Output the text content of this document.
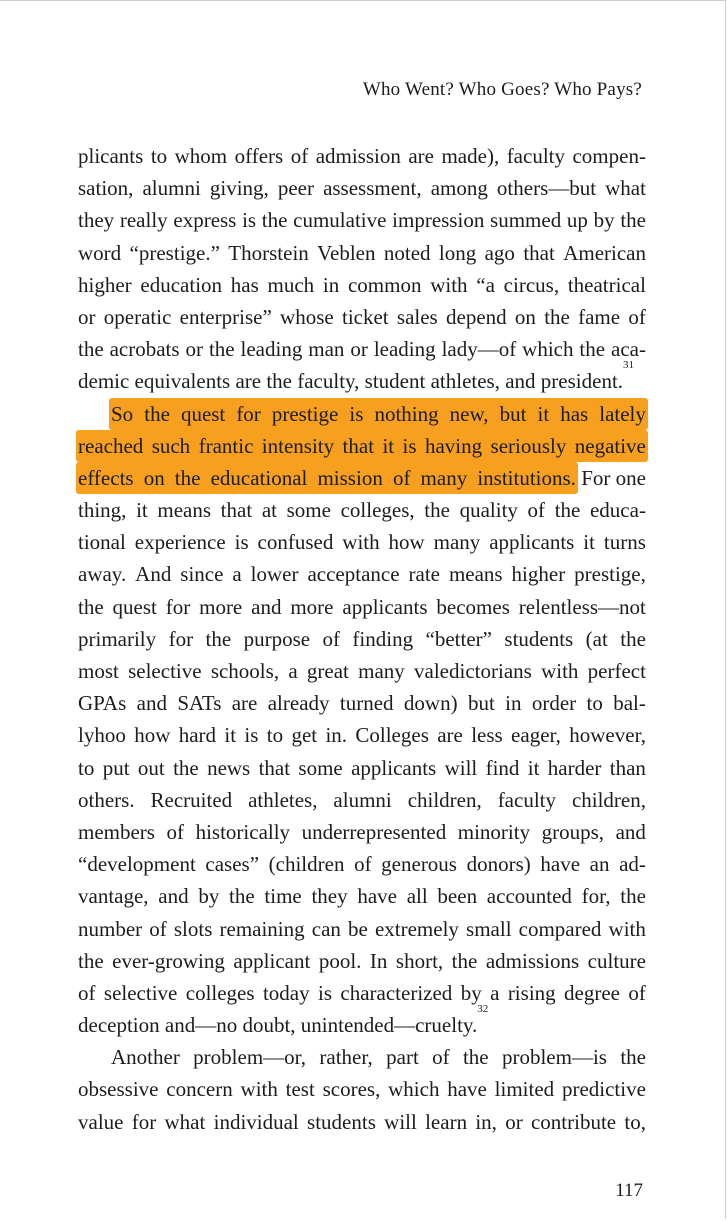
Who Went? Who Goes? Who Pays?
plicants to whom offers of admission are made), faculty compen-
sation, alumni giving, peer assessment, among others—but what
they really express is the cumulative impression summed up by the
word “prestige.” Thorstein Veblen noted long ago that American
higher education has much in common with “a circus, theatrical
or operatic enterprise” whose ticket sales depend on the fame of
the acrobats or the leading man or leading lady—of which the aca-
demic equivalents are the faculty, student athletes, and president.
31
So the quest for prestige is nothing new, but it has lately
reached such frantic intensity that it is having seriously negative
effects on the educational mission of many institutions. For one
thing, it means that at some colleges, the quality of the educa-
tional experience is confused with how many applicants it turns
away. And since a lower acceptance rate means higher prestige,
the quest for more and more applicants becomes relentless—not
primarily for the purpose of finding “better” students (at the
most selective schools, a great many valedictorians with perfect
GPAs and SATs are already turned down) but in order to bal-
lyhoo how hard it is to get in. Colleges are less eager, however,
to put out the news that some applicants will find it harder than
others. Recruited athletes, alumni children, faculty children,
members of historically underrepresented minority groups, and
“development cases” (children of generous donors) have an ad-
vantage, and by the time they have all been accounted for, the
number of slots remaining can be extremely small compared with
the ever-growing applicant pool. In short, the admissions culture
of selective colleges today is characterized by a rising degree of
deception and—no doubt, unintended—cruelty.
32
Another problem—or, rather, part of the problem—is the
obsessive concern with test scores, which have limited predictive
value for what individual students will learn in, or contribute to,
117
